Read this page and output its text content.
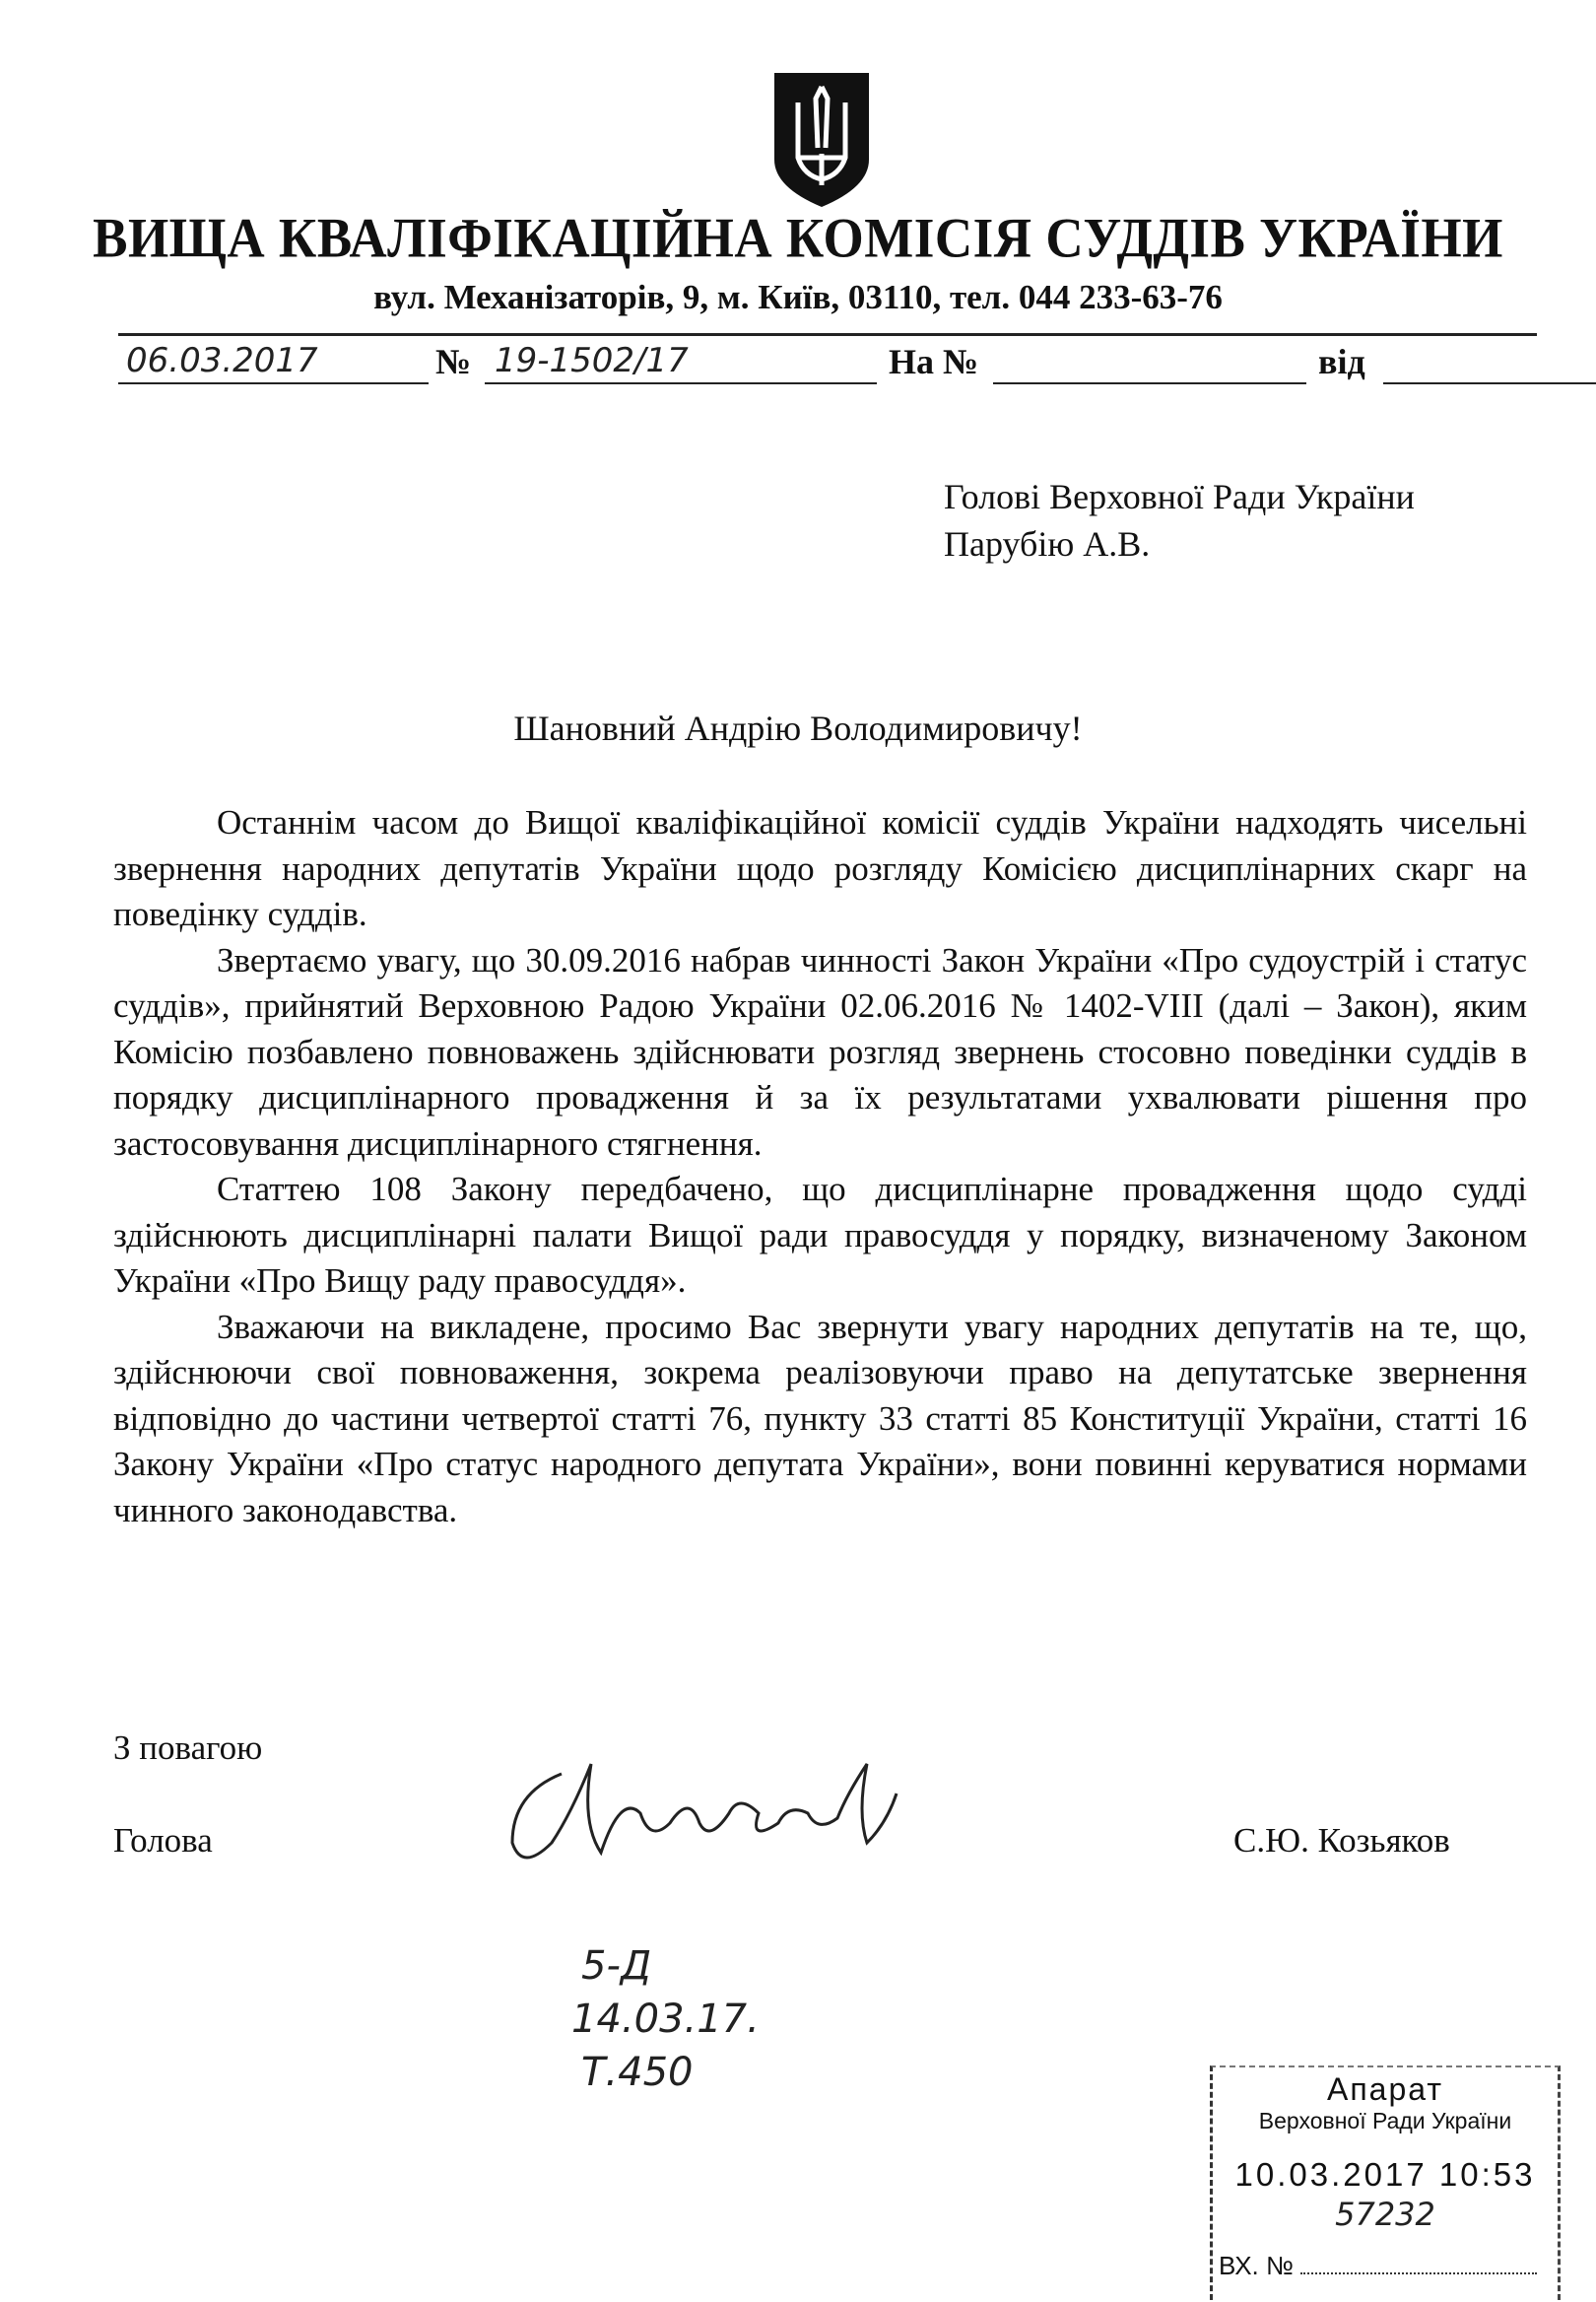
ВИЩА КВАЛІФІКАЦІЙНА КОМІСІЯ СУДДІВ УКРАЇНИ
вул. Механізаторів, 9, м. Київ, 03110, тел. 044 233-63-76
06.03.2017	№ 19-1502/17	На №	від
Голові Верховної Ради України
Парубію А.В.
Шановний Андрію Володимировичу!

Останнім часом до Вищої кваліфікаційної комісії суддів України надходять чисельні звернення народних депутатів України щодо розгляду Комісією дисциплінарних скарг на поведінку суддів.

Звертаємо увагу, що 30.09.2016 набрав чинності Закон України «Про судоустрій і статус суддів», прийнятий Верховною Радою України 02.06.2016 № 1402-VIII (далі – Закон), яким Комісію позбавлено повноважень здійснювати розгляд звернень стосовно поведінки суддів в порядку дисциплінарного провадження й за їх результатами ухвалювати рішення про застосовування дисциплінарного стягнення.

Статтею 108 Закону передбачено, що дисциплінарне провадження щодо судді здійснюють дисциплінарні палати Вищої ради правосуддя у порядку, визначеному Законом України «Про Вищу раду правосуддя».

Зважаючи на викладене, просимо Вас звернути увагу народних депутатів на те, що, здійснюючи свої повноваження, зокрема реалізовуючи право на депутатське звернення відповідно до частини четвертої статті 76, пункту 33 статті 85 Конституції України, статті 16 Закону України «Про статус народного депутата України», вони повинні керуватися нормами чинного законодавства.

З повагою
Голова	С.Ю. Козьяков
5-Д
14.03.17.
Т.450	Апарат
Верховної Ради України
10.03.2017 10:53
57232
ВХ. №
